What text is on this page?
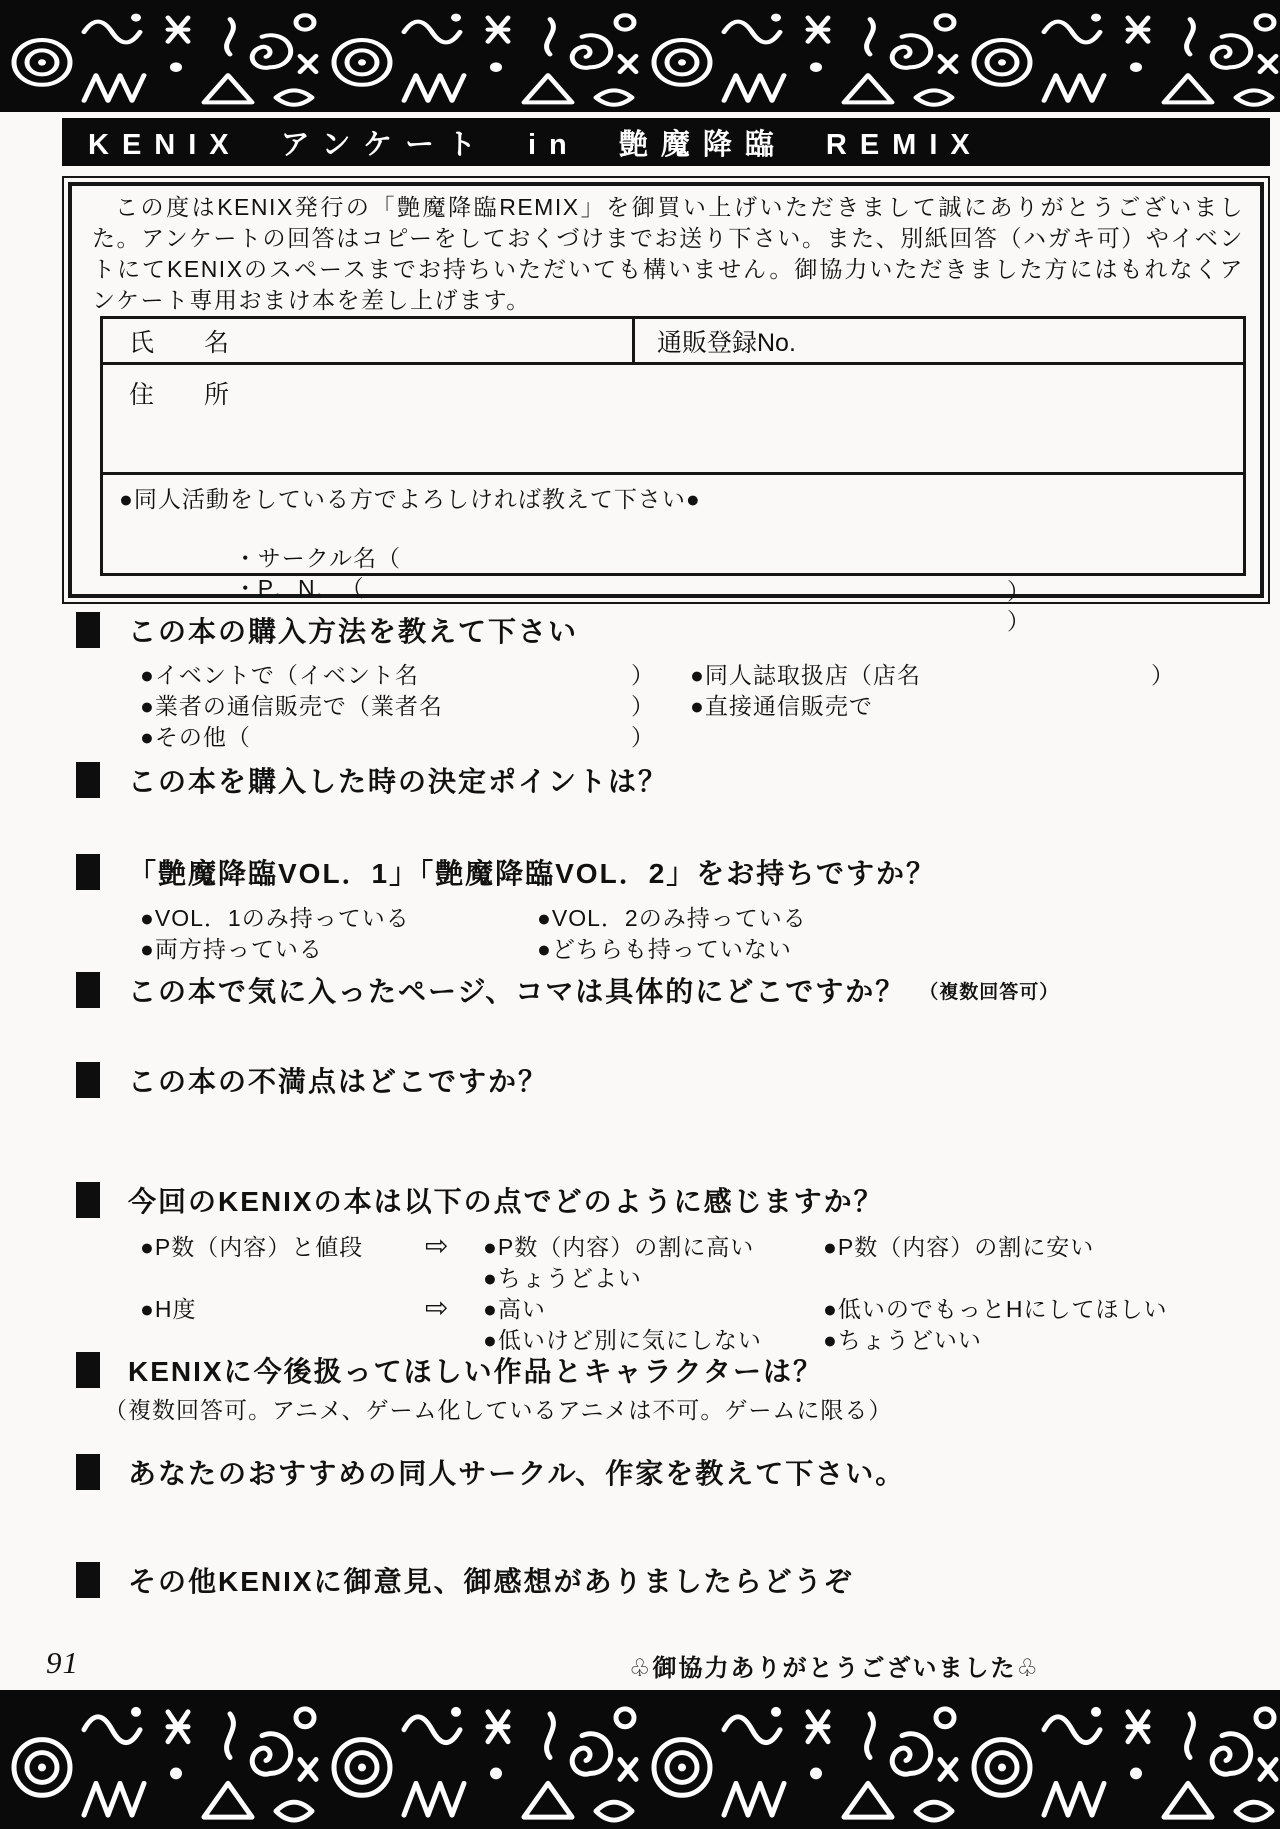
KENIX アンケート in 艶魔降臨 REMIX
この度はKENIX発行の「艶魔降臨REMIX」を御買い上げいただきまして誠にありがとうございました。アンケートの回答はコピーをしておくづけまでお送り下さい。また、別紙回答（ハガキ可）やイベントにてKENIXのスペースまでお持ちいただいても構いません。御協力いただきました方にはもれなくアンケート専用おまけ本を差し上げます。
氏　　名	通販登録No.
住　　所
●同人活動をしている方でよろしければ教えて下さい●

・サークル名（

）

・P．N．　（

）

この本の購入方法を教えて下さい
●イベントで（イベント名	） ●同人誌取扱店（店名	）
●業者の通信販売で（業者名	） ●直接通信販売で
●その他（	）
この本を購入した時の決定ポイントは？
「艶魔降臨VOL．1」「艶魔降臨VOL．2」をお持ちですか？
●VOL．1のみ持っている	●VOL．2のみ持っている
●両方持っている	●どちらも持っていない
この本で気に入ったページ、コマは具体的にどこですか？ （複数回答可）
この本の不満点はどこですか？
今回のKENIXの本は以下の点でどのように感じますか？
●P数（内容）と値段	⇨	●P数（内容）の割に高い	●P数（内容）の割に安い
●ちょうどよい
●H度	⇨	●高い	●低いのでもっとHにしてほしい
●低いけど別に気にしない	●ちょうどいい
KENIXに今後扱ってほしい作品とキャラクターは？
（複数回答可。アニメ、ゲーム化しているアニメは不可。ゲームに限る）
あなたのおすすめの同人サークル、作家を教えて下さい。
その他KENIXに御意見、御感想がありましたらどうぞ
91	♧御協力ありがとうございました♧
